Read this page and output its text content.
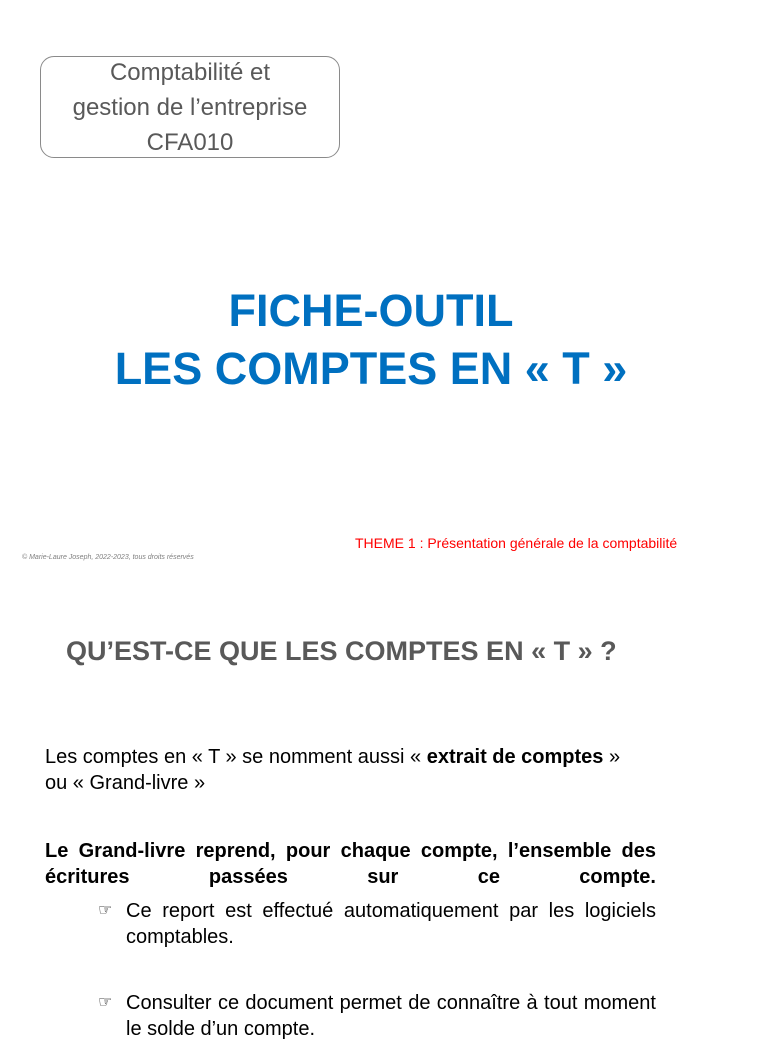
Comptabilité et
gestion de l’entreprise
CFA010
FICHE-OUTIL
LES COMPTES EN « T »
THEME 1 : Présentation générale de la comptabilité
© Marie-Laure Joseph, 2022-2023, tous droits réservés
QU’EST-CE QUE LES COMPTES EN « T » ?
Les comptes en « T » se nomment aussi « extrait de comptes »
ou « Grand-livre »
Le Grand-livre reprend, pour chaque compte, l’ensemble des écritures passées sur ce compte.
☞ Ce report est effectué automatiquement par les logiciels comptables.
☞ Consulter ce document permet de connaître à tout moment le solde d’un compte.
